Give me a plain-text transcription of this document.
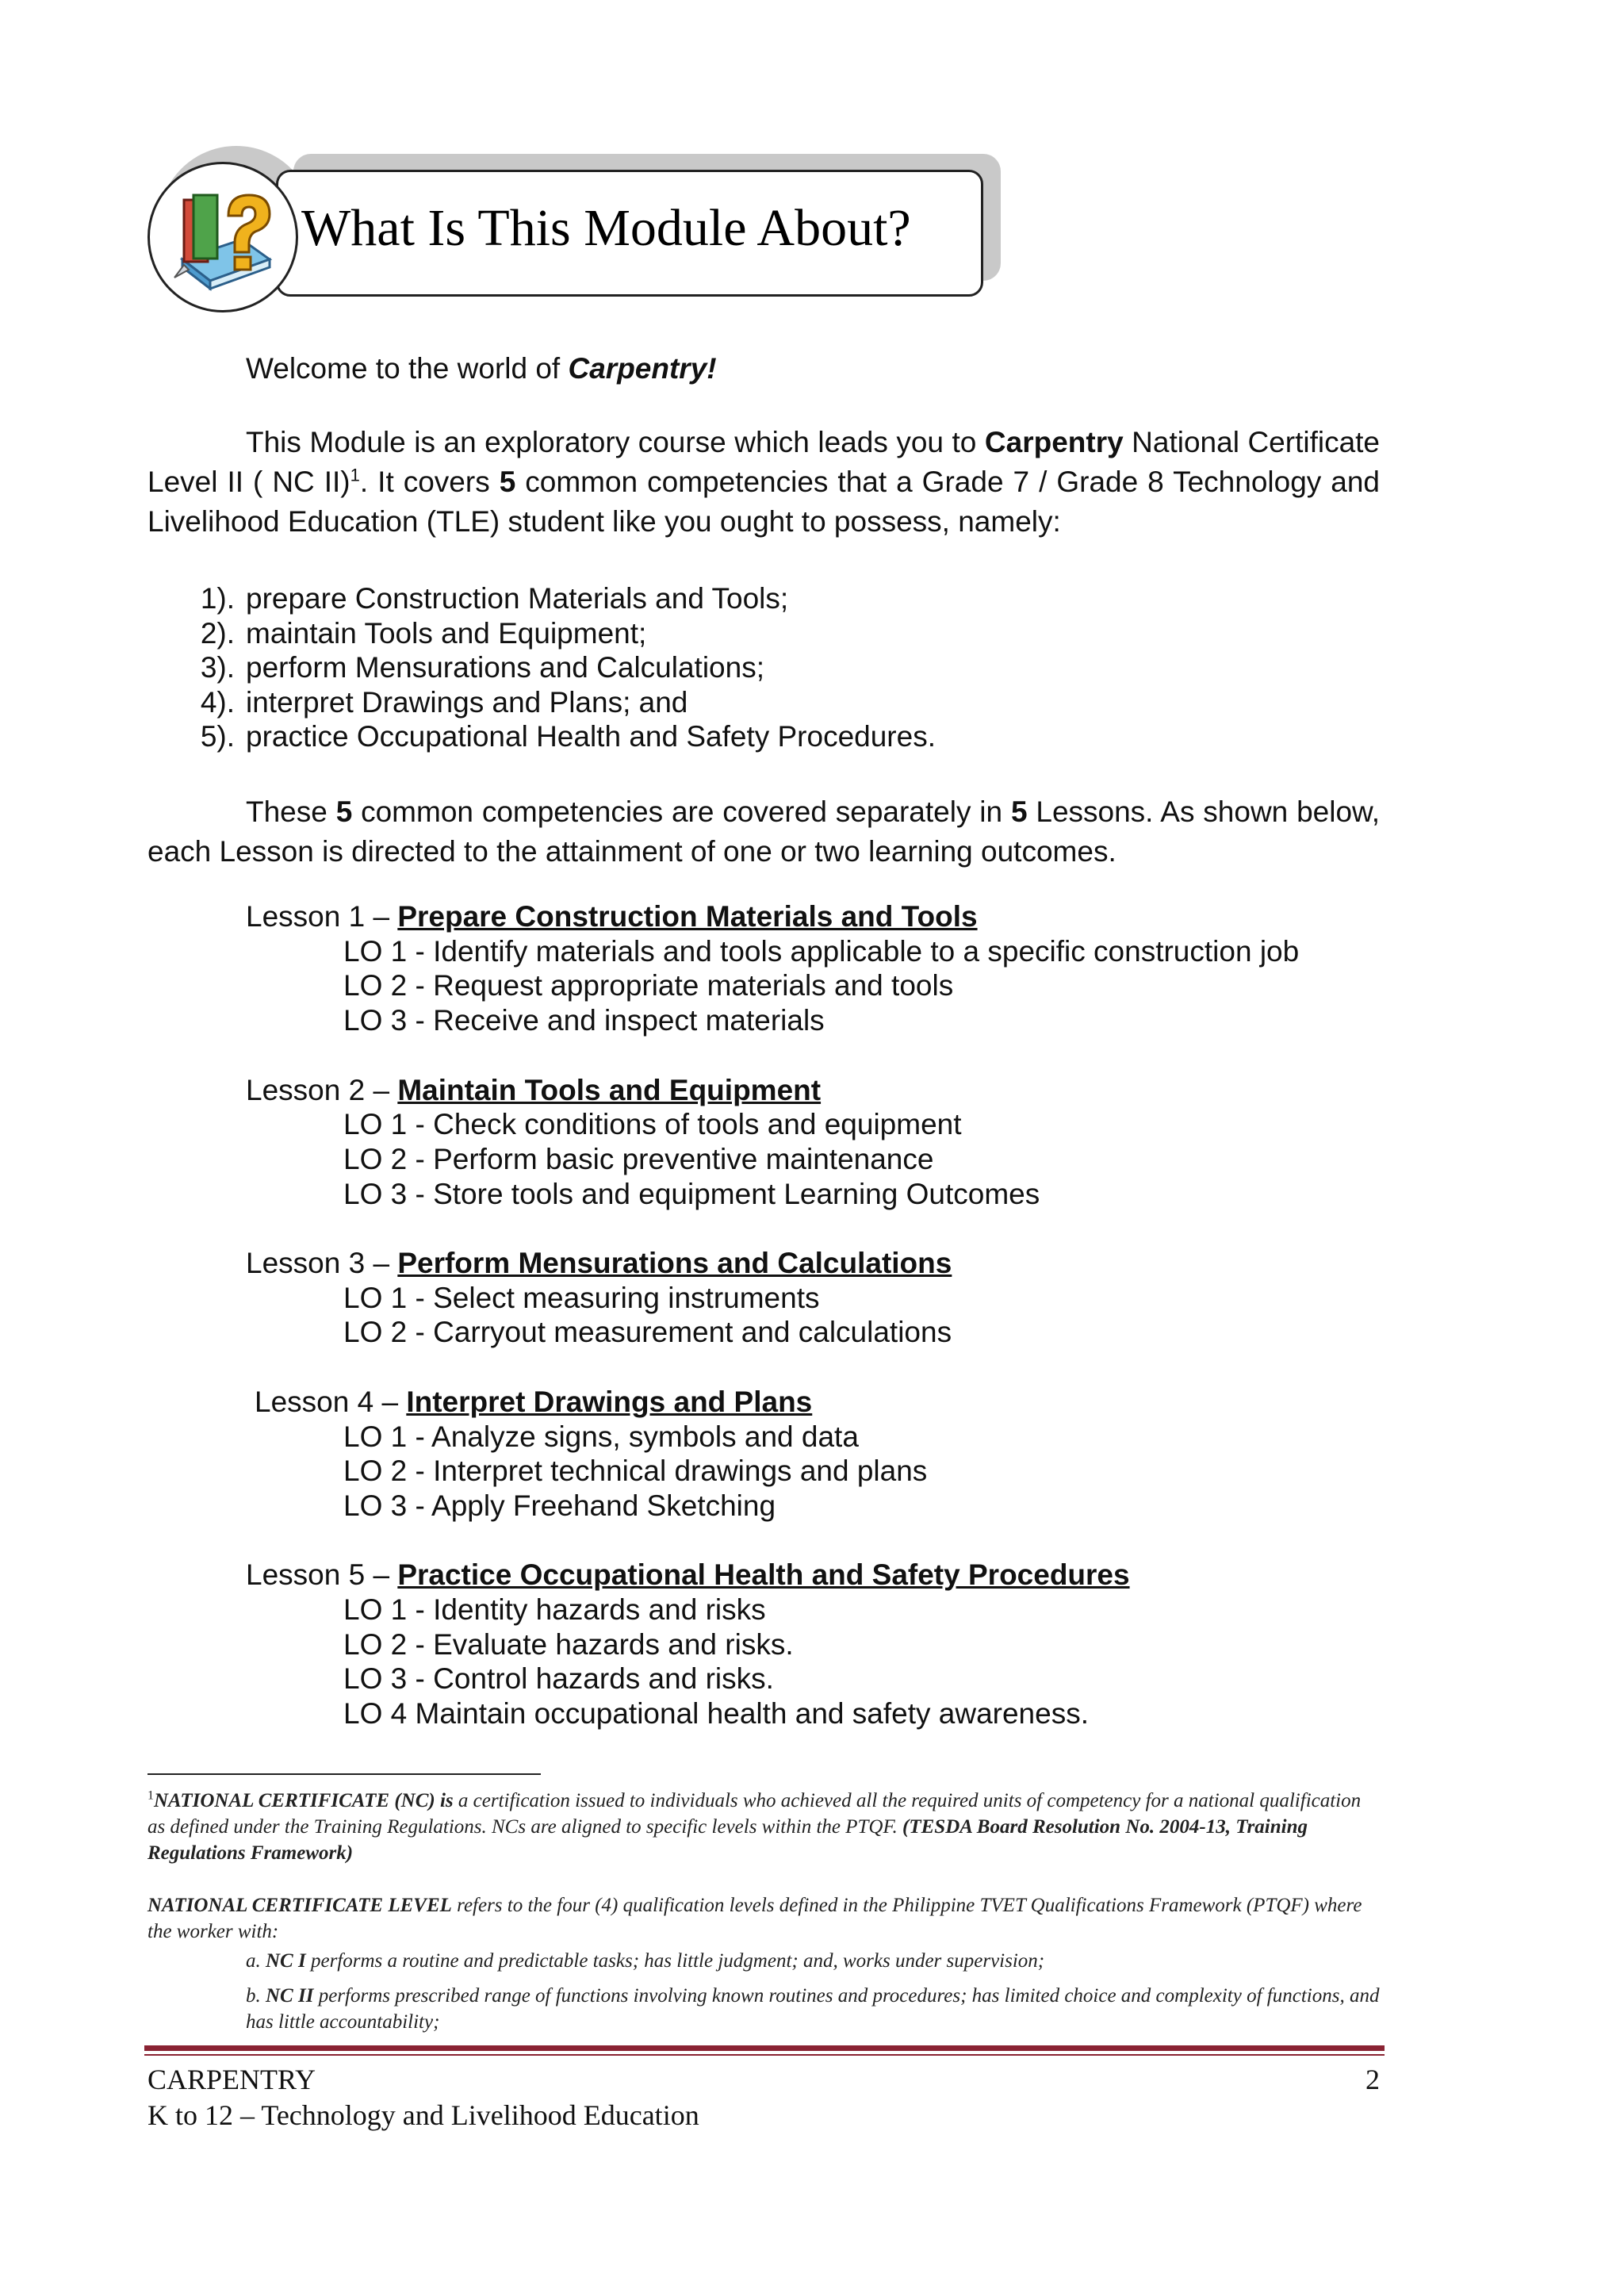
What Is This Module About?
Welcome to the world of Carpentry!
This Module is an exploratory course which leads you to Carpentry National Certificate Level II ( NC II)$^1$. It covers 5 common competencies that a Grade 7 / Grade 8 Technology and Livelihood Education (TLE) student like you ought to possess, namely:
1). prepare Construction Materials and Tools;
2). maintain Tools and Equipment;
3). perform Mensurations and Calculations;
4). interpret Drawings and Plans; and
5). practice Occupational Health and Safety Procedures.
These 5 common competencies are covered separately in 5 Lessons. As shown below, each Lesson is directed to the attainment of one or two learning outcomes.
Lesson 1 – Prepare Construction Materials and Tools
LO 1 - Identify materials and tools applicable to a specific construction job
LO 2 - Request appropriate materials and tools
LO 3 - Receive and inspect materials
Lesson 2 – Maintain Tools and Equipment
LO 1 - Check conditions of tools and equipment
LO 2 - Perform basic preventive maintenance
LO 3 - Store tools and equipment Learning Outcomes
Lesson 3 – Perform Mensurations and Calculations
LO 1 - Select measuring instruments
LO 2 - Carryout measurement and calculations
Lesson 4 – Interpret Drawings and Plans
LO 1 - Analyze signs, symbols and data
LO 2 - Interpret technical drawings and plans
LO 3 - Apply Freehand Sketching
Lesson 5 – Practice Occupational Health and Safety Procedures
LO 1 - Identity hazards and risks
LO 2 - Evaluate hazards and risks.
LO 3 - Control hazards and risks.
LO 4 Maintain occupational health and safety awareness.
$^1$NATIONAL CERTIFICATE (NC) is a certification issued to individuals who achieved all the required units of competency for a national qualification as defined under the Training Regulations. NCs are aligned to specific levels within the PTQF. (TESDA Board Resolution No. 2004-13, Training Regulations Framework)
NATIONAL CERTIFICATE LEVEL refers to the four (4) qualification levels defined in the Philippine TVET Qualifications Framework (PTQF) where the worker with:
a. NC I performs a routine and predictable tasks; has little judgment; and, works under supervision;
b. NC II performs prescribed range of functions involving known routines and procedures; has limited choice and complexity of functions, and has little accountability;
CARPENTRY	2
K to 12 – Technology and Livelihood Education
